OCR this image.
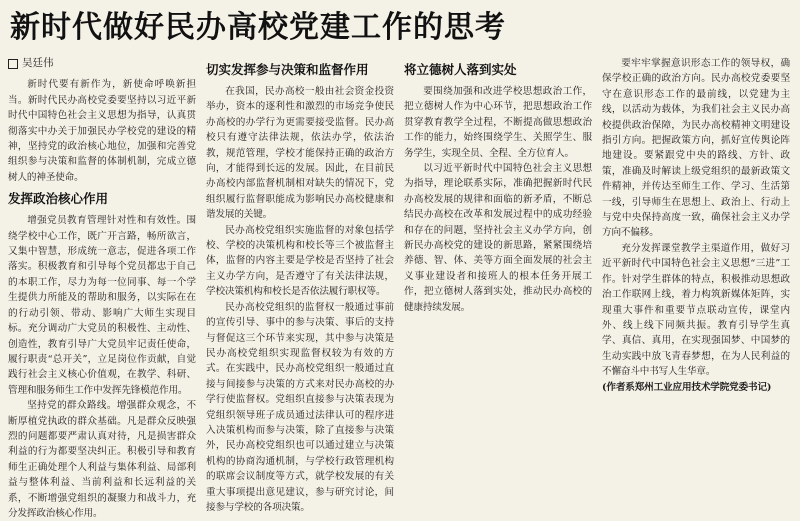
新时代做好民办高校党建工作的思考
吴廷伟

新时代要有新作为，新使命呼唤新担当。新时代民办高校党委要坚持以习近平新时代中国特色社会主义思想为指导，认真贯彻落实中办关于加强民办学校党的建设的精神，坚持党的政治核心地位，加强和完善党组织参与决策和监督的体制机制，完成立德树人的神圣使命。

发挥政治核心作用

增强党员教育管理针对性和有效性。围绕学校中心工作，既广开言路，畅所欲言，又集中智慧，形成统一意志，促进各项工作落实。积极教育和引导每个党员都忠于自己的本职工作，尽力为每一位同事、每一个学生提供力所能及的帮助和服务，以实际在在的行动引领、带动、影响广大师生实现目标。充分调动广大党员的积极性、主动性、创造性，教育引导广大党员牢记责任使命，履行职责“总开关”，立足岗位作贡献，自觉践行社会主义核心价值观，在教学、科研、管理和服务师生工作中发挥先锋模范作用。

坚持党的群众路线。增强群众观念，不断厚植党执政的群众基础。凡是群众反映强烈的问题都要严肃认真对待，凡是损害群众利益的行为都要坚决纠正。积极引导和教育师生正确处理个人利益与集体利益、局部利益与整体利益、当前利益和长远利益的关系，不断增强党组织的凝聚力和战斗力，充分发挥政治核心作用。

切实发挥参与决策和监督作用

在我国，民办高校一般由社会资金投资举办，资本的逐利性和激烈的市场竞争使民办高校的办学行为更需要接受监督。民办高校只有遵守法律法规，依法办学，依法治教，规范管理，学校才能保持正确的政治方向，才能得到长远的发展。因此，在目前民办高校内部监督机制相对缺失的情况下，党组织履行监督职能成为影响民办高校健康和谐发展的关键。

民办高校党组织实施监督的对象包括学校、学校的决策机构和校长等三个被监督主体，监督的内容主要是学校是否坚持了社会主义办学方向，是否遵守了有关法律法规，学校决策机构和校长是否依法履行职权等。

民办高校党组织的监督权一般通过事前的宣传引导、事中的参与决策、事后的支持与督促这三个环节来实现，其中参与决策是民办高校党组织实现监督权较为有效的方式。在实践中，民办高校党组织一般通过直接与间接参与决策的方式来对民办高校的办学行使监督权。党组织直接参与决策表现为党组织领导班子成员通过法律认可的程序进入决策机构而参与决策，除了直接参与决策外，民办高校党组织也可以通过建立与决策机构的协商沟通机制，与学校行政管理机构的联席会议制度等方式，就学校发展的有关重大事项提出意见建议，参与研究讨论，间接参与学校的各项决策。

将立德树人落到实处

要围绕加强和改进学校思想政治工作，把立德树人作为中心环节，把思想政治工作贯穿教育教学全过程，不断提高做思想政治工作的能力，始终围绕学生、关照学生、服务学生，实现全员、全程、全方位育人。

以习近平新时代中国特色社会主义思想为指导，理论联系实际，准确把握新时代民办高校发展的规律和面临的新矛盾，不断总结民办高校在改革和发展过程中的成功经验和存在的问题，坚持社会主义办学方向，创新民办高校党的建设的新思路，紧紧围绕培养德、智、体、美等方面全面发展的社会主义事业建设者和接班人的根本任务开展工作，把立德树人落到实处，推动民办高校的健康持续发展。

要牢牢掌握意识形态工作的领导权，确保学校正确的政治方向。民办高校党委要坚守在意识形态工作的最前线，以党建为主线，以活动为载体，为我们社会主义民办高校提供政治保障，为民办高校精神文明建设指引方向。把握政策方向，抓好宣传舆论阵地建设。要紧跟党中央的路线、方针、政策，准确及时解读上级党组织的最新政策文件精神，并传达至师生工作、学习、生活第一线，引导师生在思想上、政治上、行动上与党中央保持高度一致，确保社会主义办学方向不偏移。

充分发挥课堂教学主渠道作用，做好习近平新时代中国特色社会主义思想“三进”工作。针对学生群体的特点，积极推动思想政治工作联网上线，着力构筑新媒体矩阵，实现重大事件和重要节点联动宣传，课堂内外、线上线下同频共振。教育引导学生真学、真信、真用，在实现强国梦、中国梦的生动实践中放飞青春梦想，在为人民利益的不懈奋斗中书写人生华章。

(作者系郑州工业应用技术学院党委书记)
